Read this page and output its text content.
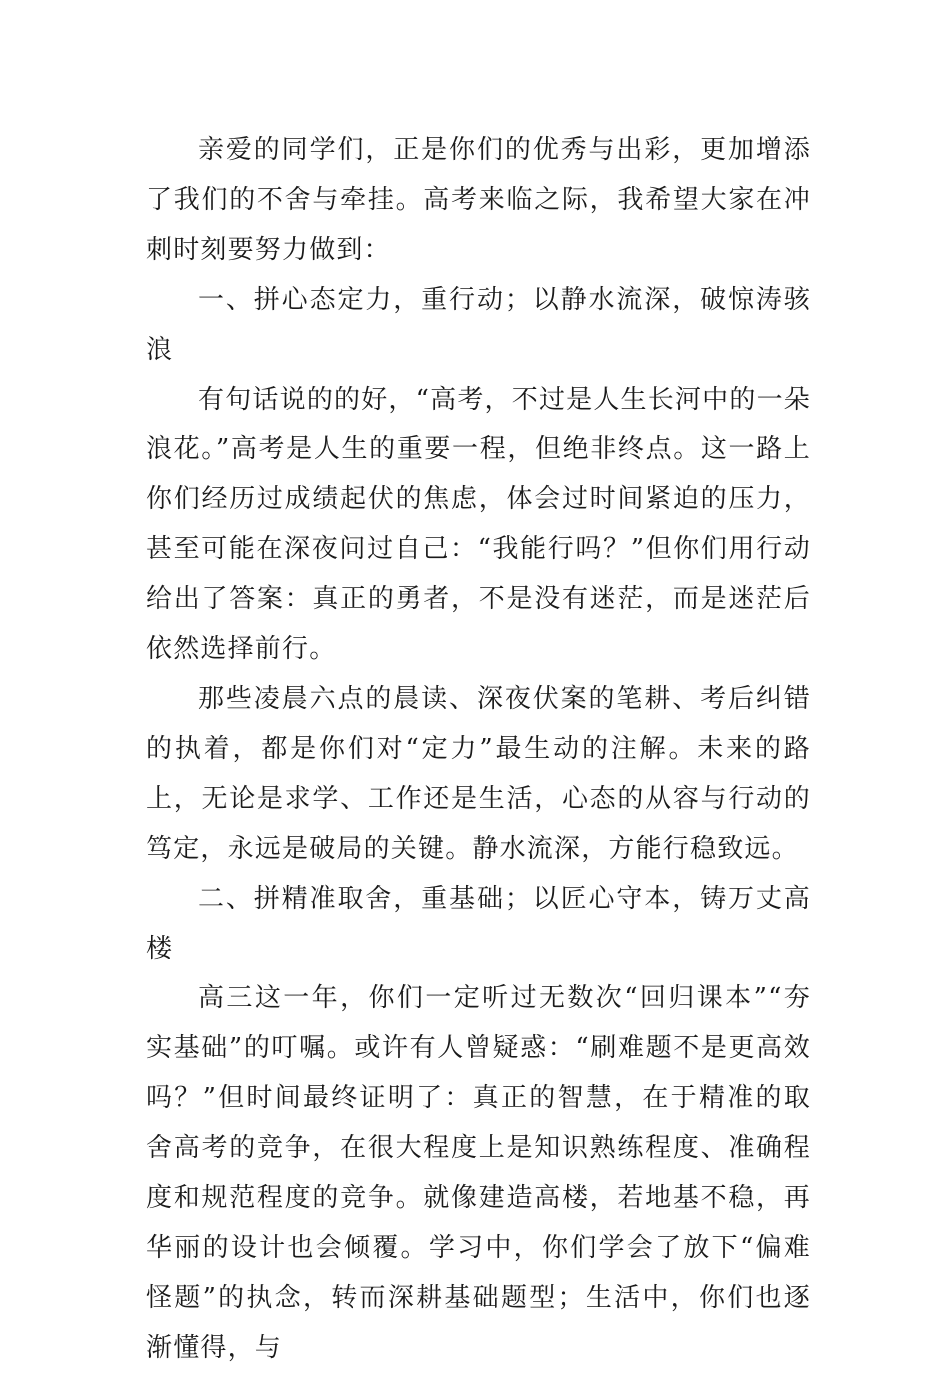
亲爱的同学们，正是你们的优秀与出彩，更加增添了我们的不舍与牵挂。高考来临之际，我希望大家在冲刺时刻要努力做到：

一、拼心态定力，重行动；以静水流深，破惊涛骇浪

有句话说的的好，“高考，不过是人生长河中的一朵浪花。”高考是人生的重要一程，但绝非终点。这一路上你们经历过成绩起伏的焦虑，体会过时间紧迫的压力，甚至可能在深夜问过自己：“我能行吗？”但你们用行动给出了答案：真正的勇者，不是没有迷茫，而是迷茫后依然选择前行。

那些凌晨六点的晨读、深夜伏案的笔耕、考后纠错的执着，都是你们对“定力”最生动的注解。未来的路上，无论是求学、工作还是生活，心态的从容与行动的笃定，永远是破局的关键。静水流深，方能行稳致远。

二、拼精准取舍，重基础；以匠心守本，铸万丈高楼

高三这一年，你们一定听过无数次“回归课本”“夯实基础”的叮嘱。或许有人曾疑惑：“刷难题不是更高效吗？”但时间最终证明了：真正的智慧，在于精准的取舍高考的竞争，在很大程度上是知识熟练程度、准确程度和规范程度的竞争。就像建造高楼，若地基不稳，再华丽的设计也会倾覆。学习中，你们学会了放下“偏难怪题”的执念，转而深耕基础题型；生活中，你们也逐渐懂得，与
